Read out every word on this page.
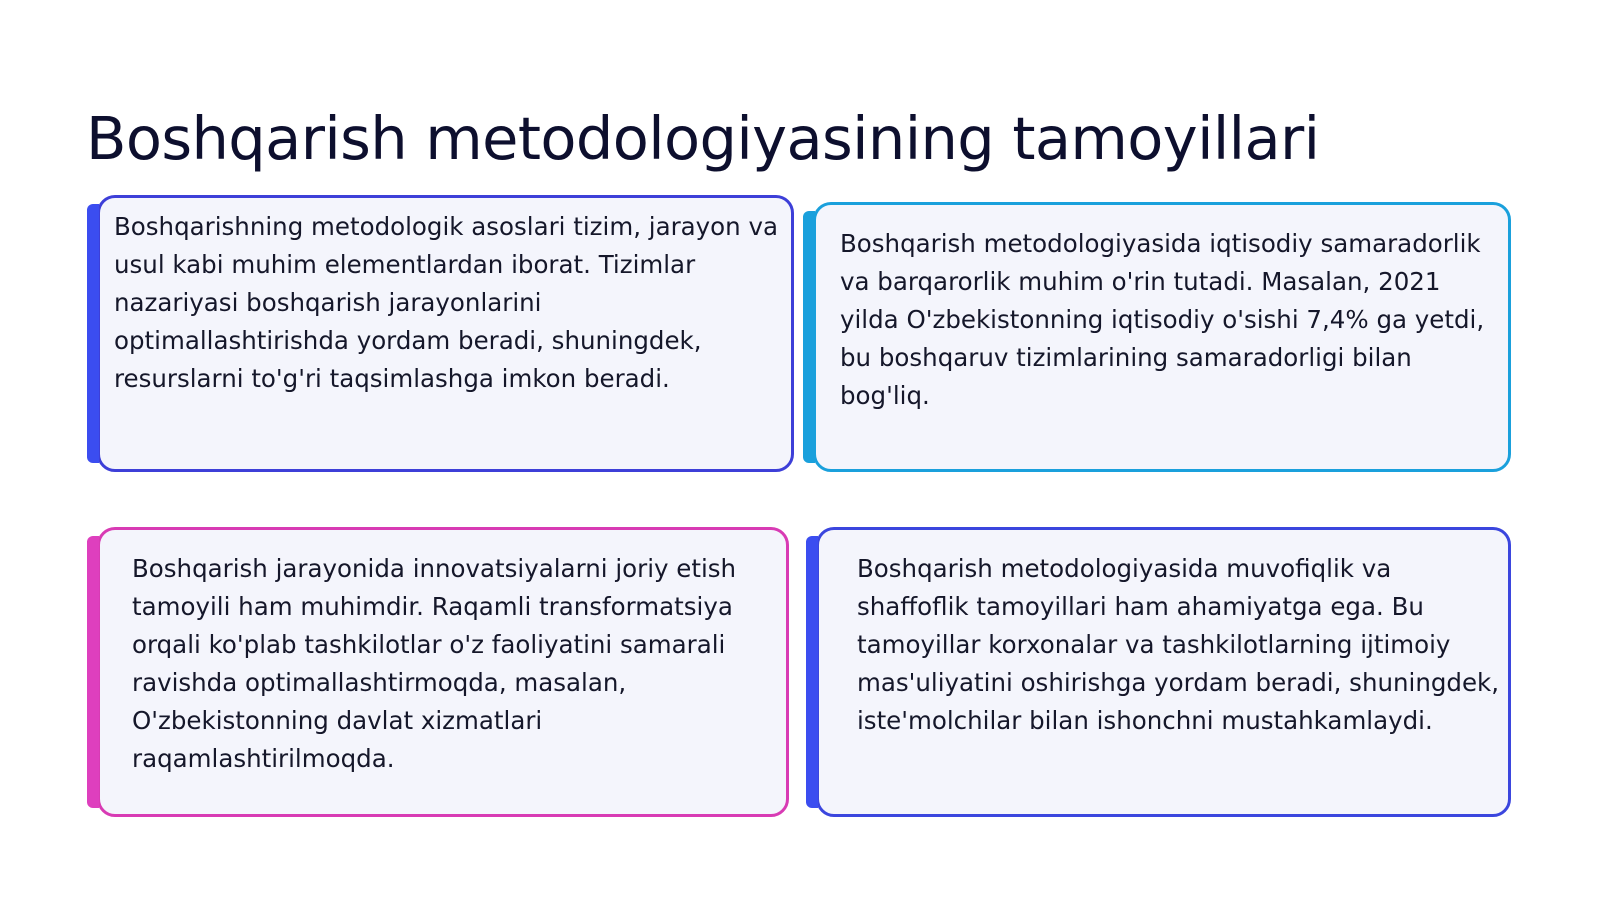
Boshqarish metodologiyasining tamoyillari

Boshqarishning metodologik asoslari tizim, jarayon va usul kabi muhim elementlardan iborat. Tizimlar nazariyasi boshqarish jarayonlarini optimallashtirishda yordam beradi, shuningdek, resurslarni to'g'ri taqsimlashga imkon beradi.

Boshqarish metodologiyasida iqtisodiy samaradorlik va barqarorlik muhim o'rin tutadi. Masalan, 2021 yilda O'zbekistonning iqtisodiy o'sishi 7,4% ga yetdi, bu boshqaruv tizimlarining samaradorligi bilan bog'liq.

Boshqarish jarayonida innovatsiyalarni joriy etish tamoyili ham muhimdir. Raqamli transformatsiya orqali ko'plab tashkilotlar o'z faoliyatini samarali ravishda optimallashtirmoqda, masalan, O'zbekistonning davlat xizmatlari raqamlashtirilmoqda.

Boshqarish metodologiyasida muvofiqlik va shaffoflik tamoyillari ham ahamiyatga ega. Bu tamoyillar korxonalar va tashkilotlarning ijtimoiy mas'uliyatini oshirishga yordam beradi, shuningdek, iste'molchilar bilan ishonchni mustahkamlaydi.
